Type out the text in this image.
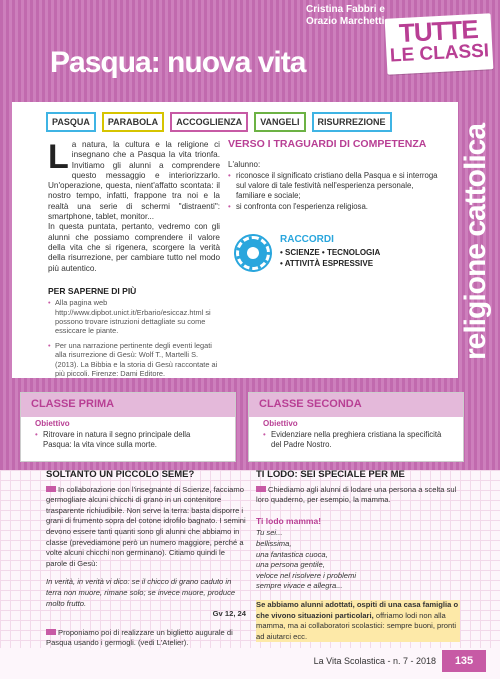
Cristina Fabbri e
Orazio Marchetti TUTTE
LE CLASSI
Pasqua: nuova vita
religione cattolica
PASQUA	PARABOLA	ACCOGLIENZA	VANGELI	RISURREZIONE

La natura, la cultura e la religione ci insegnano che a Pasqua la vita trionfa. Invitiamo gli alunni a comprendere questo messaggio e interiorizzarlo. Un'operazione, questa, nient'affatto scontata: il nostro tempo, infatti, frappone tra noi e la realtà una serie di schermi "distraenti": smartphone, tablet, monitor...

In questa puntata, pertanto, vedremo con gli alunni che possiamo comprendere il valore della vita che si rigenera, scorgere la verità della risurrezione, per cambiare tutto nel modo più autentico.

PER SAPERNE DI PIÙ
• Alla pagina web http://www.dipbot.unict.it/Erbario/esiccaz.html si possono trovare istruzioni dettagliate su come essiccare le piante.
• Per una narrazione pertinente degli eventi legati alla risurrezione di Gesù: Wolf T., Martelli S. (2013). La Bibbia e la storia di Gesù raccontate ai più piccoli. Firenze: Dami Editore.
VERSO I TRAGUARDI DI COMPETENZA
L'alunno:
• riconosce il significato cristiano della Pasqua e si interroga sul valore di tale festività nell'esperienza personale, familiare e sociale;
• si confronta con l'esperienza religiosa.
RACCORDI
• SCIENZE • TECNOLOGIA
• ATTIVITÀ ESPRESSIVE
CLASSE PRIMA
Obiettivo
• Ritrovare in natura il segno principale della Pasqua: la vita vince sulla morte.
CLASSE SECONDA
Obiettivo
• Evidenziare nella preghiera cristiana la specificità del Padre Nostro.
SOLTANTO UN PICCOLO SEME?
In collaborazione con l'insegnante di Scienze, facciamo germogliare alcuni chicchi di grano in un contenitore trasparente richiudibile. Non serve la terra: basta disporre i grani di frumento sopra del cotone idrofilo bagnato. I semini devono essere tanti quanti sono gli alunni che abbiamo in classe (prevediamone però un numero maggiore, perché a volte alcuni chicchi non germinano). Citiamo quindi le parole di Gesù:
In verità, in verità vi dico: se il chicco di grano caduto in terra non muore, rimane solo; se invece muore, produce molto frutto.
Gv 12, 24
Proponiamo poi di realizzare un biglietto augurale di Pasqua usando i germogli. (vedi L'Atelier).
TI LODO: SEI SPECIALE PER ME
Chiediamo agli alunni di lodare una persona a scelta sul loro quaderno, per esempio, la mamma.
Ti lodo mamma!
Tu sei...
bellissima,
una fantastica cuoca,
una persona gentile,
veloce nel risolvere i problemi
sempre vivace e allegra...
Se abbiamo alunni adottati, ospiti di una casa famiglia o che vivono situazioni particolari, offriamo lodi non alla mamma, ma ai collaboratori scolastici: sempre buoni, pronti ad aiutarci ecc.
La Vita Scolastica - n. 7 - 2018	135
